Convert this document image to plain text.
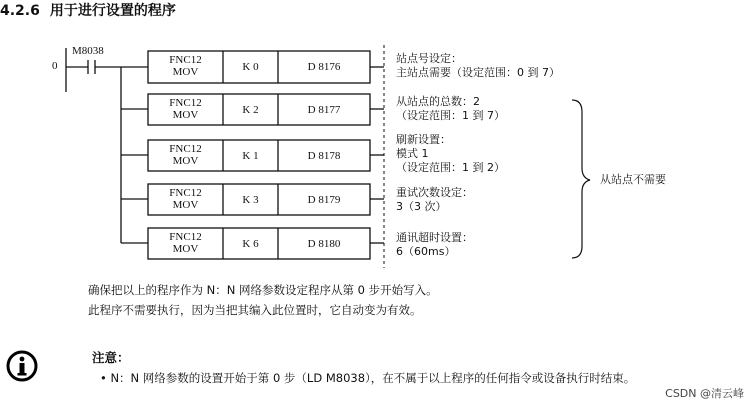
4.2.6 用于进行设置的程序
0
M8038
FNC12
MOV	K 0	D 8176
站点号设定：
主站点需要（设定范围：0 到 7）
FNC12
MOV	K 2	D 8177
从站点的总数：2
（设定范围：1 到 7）
FNC12
MOV	K 1	D 8178
刷新设置：
模式 1
（设定范围：1 到 2）
FNC12
MOV	K 3	D 8179
重试次数设定：
3（3 次）
FNC12
MOV	K 6	D 8180	通讯超时设置：
6（60ms）
从站点不需要
确保把以上的程序作为 N：N 网络参数设定程序从第 0 步开始写入。
此程序不需要执行，因为当把其编入此位置时，它自动变为有效。
注意：
• N：N 网络参数的设置开始于第 0 步（LD M8038），在不属于以上程序的任何指令或设备执行时结束。
CSDN @清云峰
